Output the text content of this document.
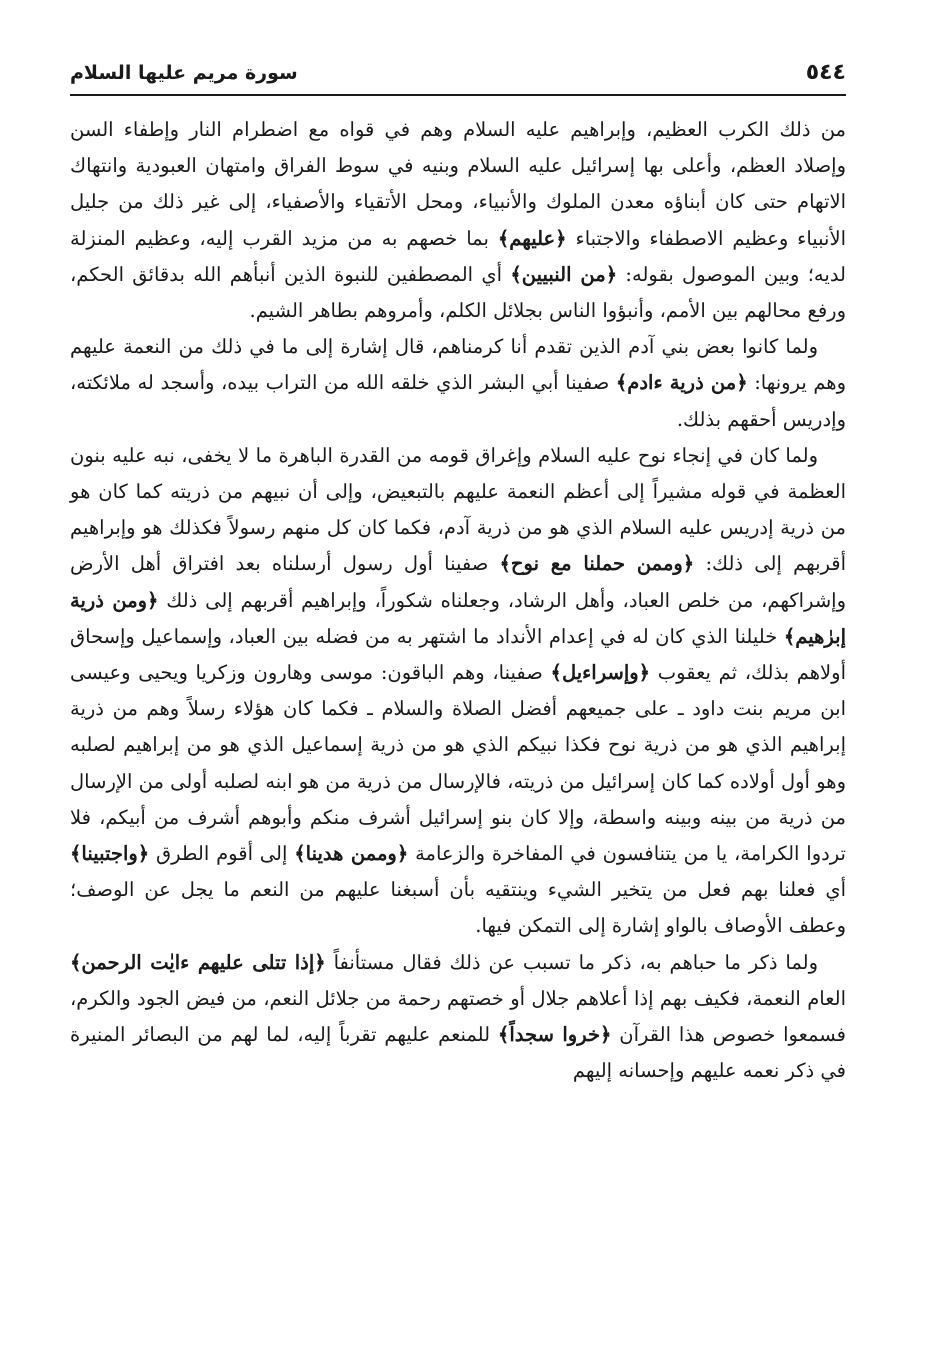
٥٤٤
سورة مريم عليها السلام

من ذلك الكرب العظيم، وإبراهيم عليه السلام وهم في قواه مع اضطرام النار وإطفاء السن وإصلاد العظم، وأعلى بها إسرائيل عليه السلام وبنيه في سوط الفراق وامتهان العبودية وانتهاك الاتهام حتى كان أبناؤه معدن الملوك والأنبياء، ومحل الأتقياء والأصفياء، إلى غير ذلك من جليل الأنبياء وعظيم الاصطفاء والاجتباء ﴿عليهم﴾ بما خصهم به من مزيد القرب إليه، وعظيم المنزلة لديه؛ وبين الموصول بقوله: ﴿من النبيين﴾ أي المصطفين للنبوة الذين أنبأهم الله بدقائق الحكم، ورفع محالهم بين الأمم، وأنبؤوا الناس بجلائل الكلم، وأمروهم بطاهر الشيم.

ولما كانوا بعض بني آدم الذين تقدم أنا كرمناهم، قال إشارة إلى ما في ذلك من النعمة عليهم وهم يرونها: ﴿من ذرية ءادم﴾ صفينا أبي البشر الذي خلقه الله من التراب بيده، وأسجد له ملائكته، وإدريس أحقهم بذلك.

ولما كان في إنجاء نوح عليه السلام وإغراق قومه من القدرة الباهرة ما لا يخفى، نبه عليه بنون العظمة في قوله مشيراً إلى أعظم النعمة عليهم بالتبعيض، وإلى أن نبيهم من ذريته كما كان هو من ذرية إدريس عليه السلام الذي هو من ذرية آدم، فكما كان كل منهم رسولاً فكذلك هو وإبراهيم أقربهم إلى ذلك: ﴿وممن حملنا مع نوح﴾ صفينا أول رسول أرسلناه بعد افتراق أهل الأرض وإشراكهم، من خلص العباد، وأهل الرشاد، وجعلناه شكوراً، وإبراهيم أقربهم إلى ذلك ﴿ومن ذرية إبرٰهيم﴾ خليلنا الذي كان له في إعدام الأنداد ما اشتهر به من فضله بين العباد، وإسماعيل وإسحاق أولاهم بذلك، ثم يعقوب ﴿وإسراءيل﴾ صفينا، وهم الباقون: موسى وهارون وزكريا ويحيى وعيسى ابن مريم بنت داود ـ على جميعهم أفضل الصلاة والسلام ـ فكما كان هؤلاء رسلاً وهم من ذرية إبراهيم الذي هو من ذرية نوح فكذا نبيكم الذي هو من ذرية إسماعيل الذي هو من إبراهيم لصلبه وهو أول أولاده كما كان إسرائيل من ذريته، فالإرسال من ذرية من هو ابنه لصلبه أولى من الإرسال من ذرية من بينه وبينه واسطة، وإلا كان بنو إسرائيل أشرف منكم وأبوهم أشرف من أبيكم، فلا تردوا الكرامة، يا من يتنافسون في المفاخرة والزعامة ﴿وممن هدينا﴾ إلى أقوم الطرق ﴿واجتبينا﴾ أي فعلنا بهم فعل من يتخير الشيء وينتقيه بأن أسبغنا عليهم من النعم ما يجل عن الوصف؛ وعطف الأوصاف بالواو إشارة إلى التمكن فيها.

ولما ذكر ما حباهم به، ذكر ما تسبب عن ذلك فقال مستأنفاً ﴿إذا تتلى عليهم ءايٰت الرحمن﴾ العام النعمة، فكيف بهم إذا أعلاهم جلال أو خصتهم رحمة من جلائل النعم، من فيض الجود والكرم، فسمعوا خصوص هذا القرآن ﴿خروا سجداً﴾ للمنعم عليهم تقرباً إليه، لما لهم من البصائر المنيرة في ذكر نعمه عليهم وإحسانه إليهم
